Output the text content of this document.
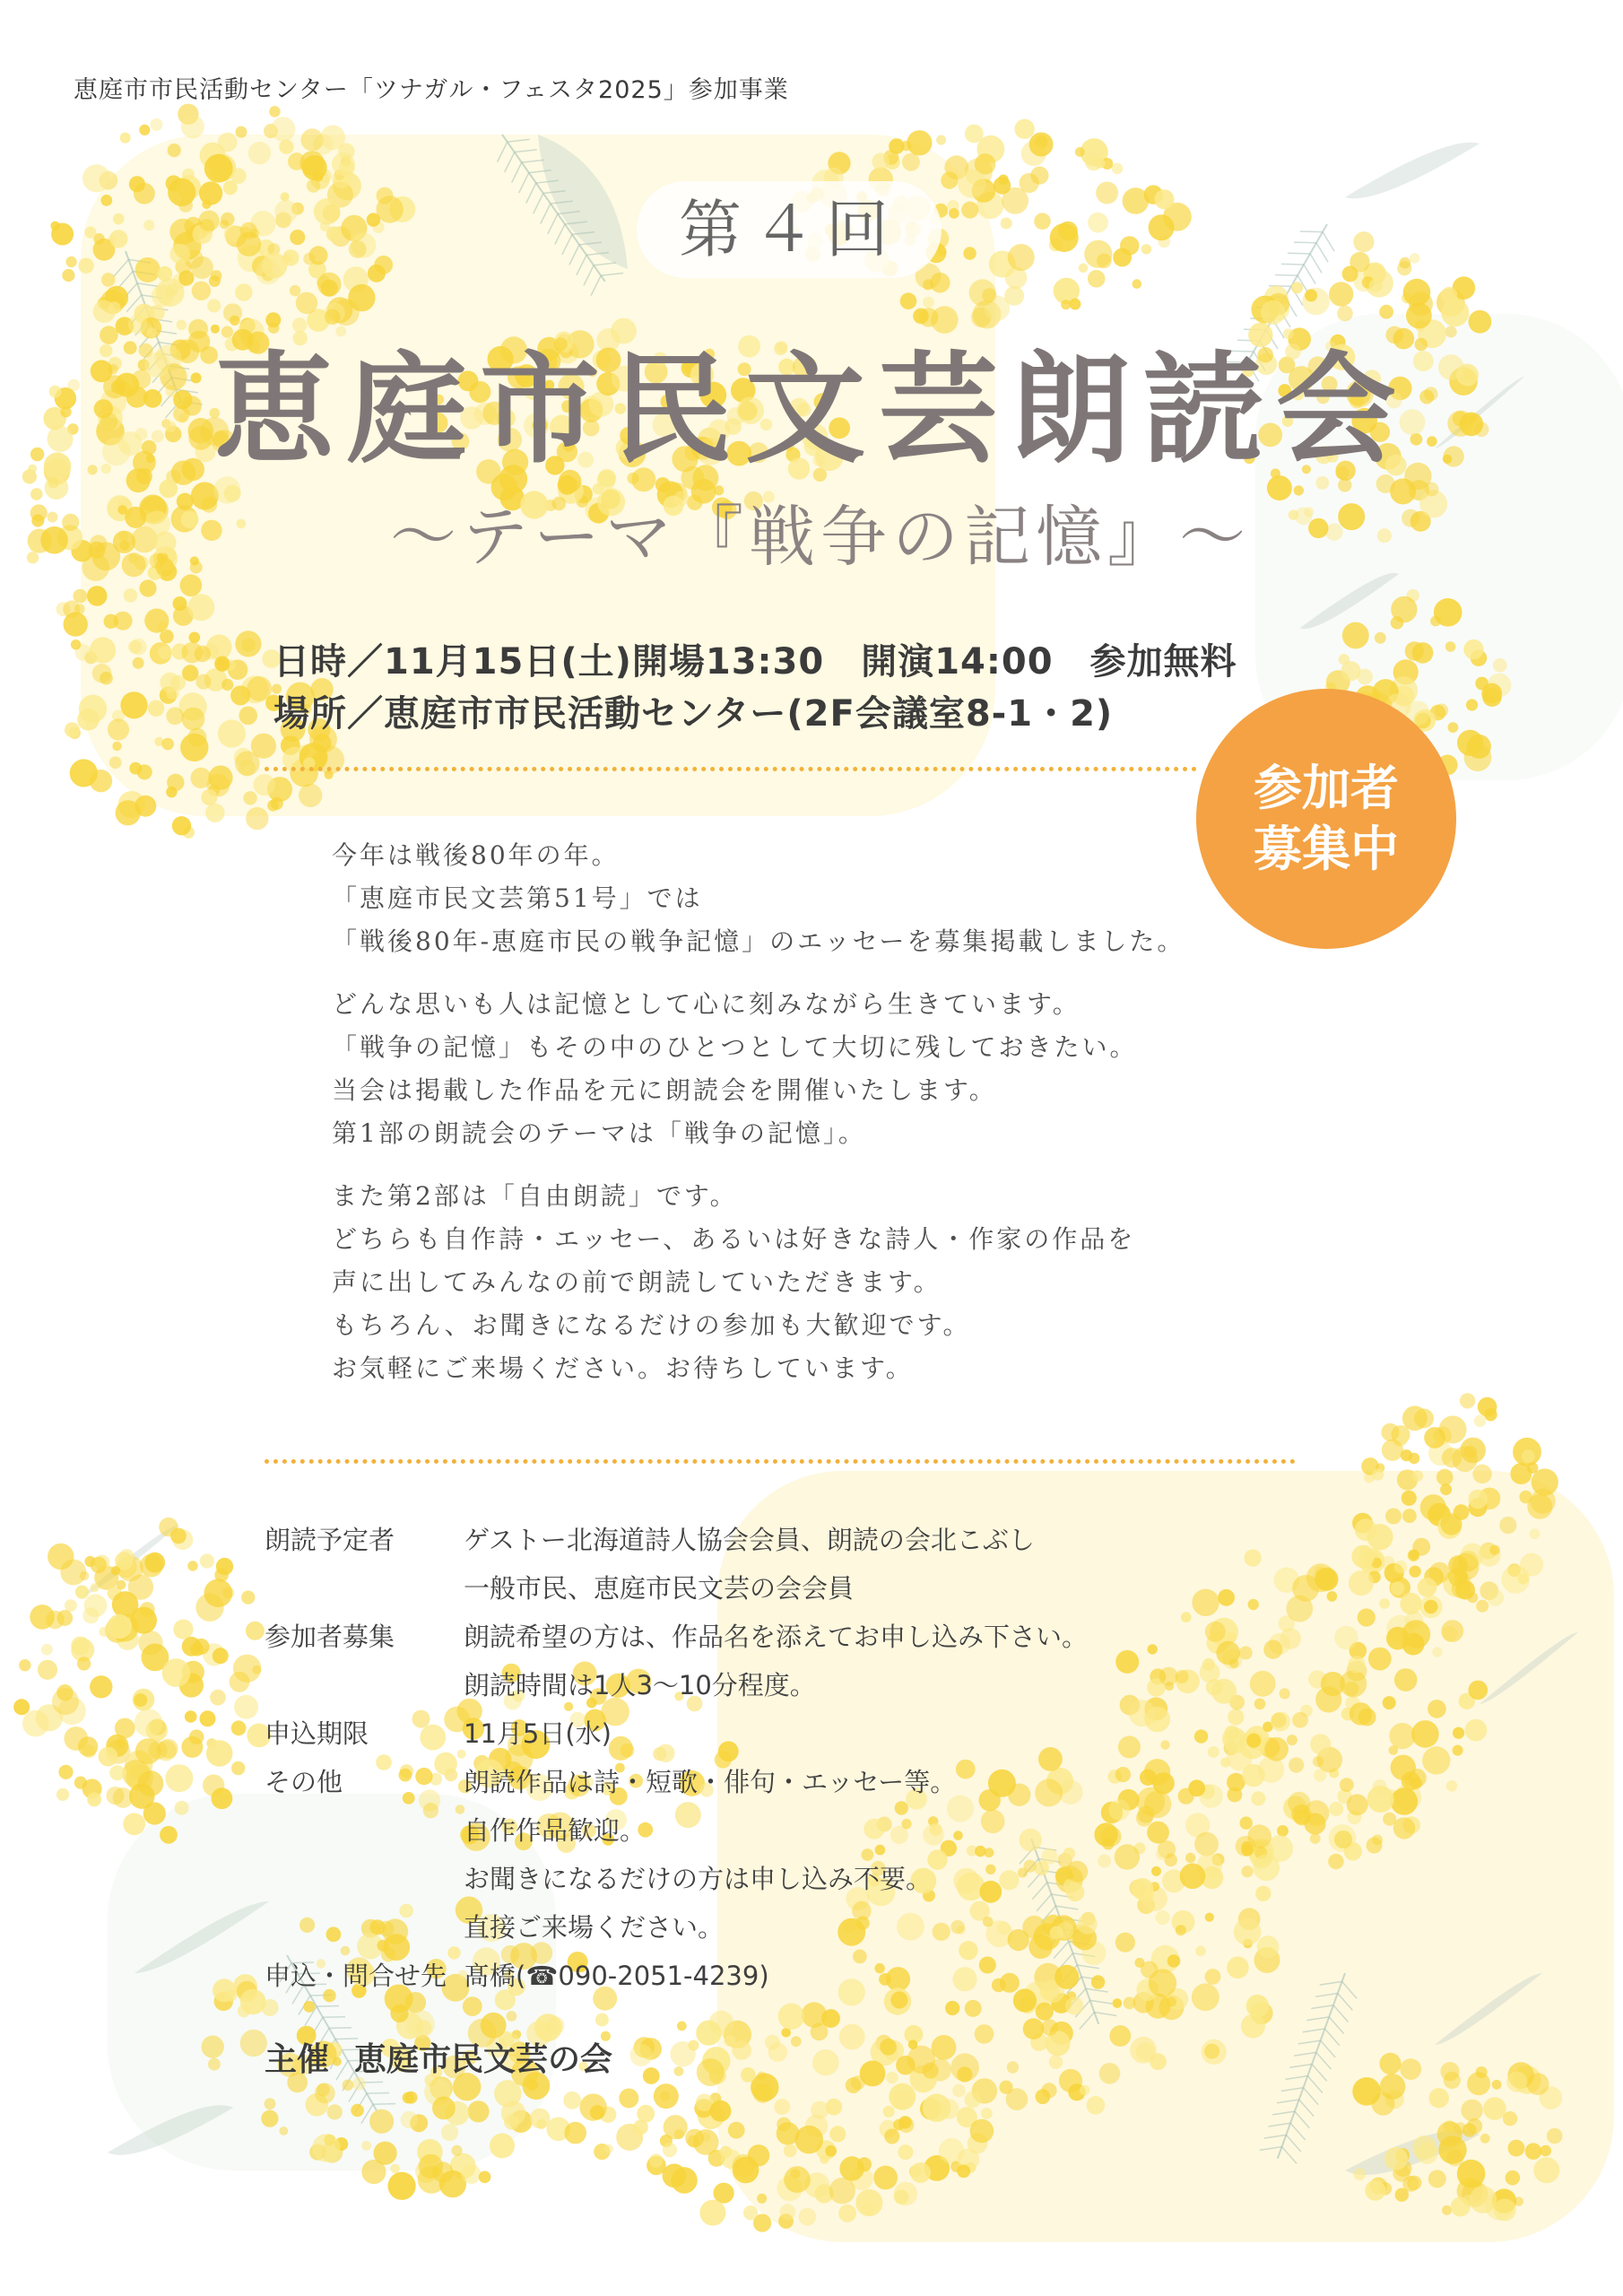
恵庭市市民活動センター「ツナガル・フェスタ2025」参加事業
第４回
恵庭市民文芸朗読会
～テーマ『戦争の記憶』～
日時／11月15日(土)開場13:30　開演14:00　参加無料
場所／恵庭市市民活動センター(2F会議室8-1・2)
参加者
募集中
今年は戦後80年の年。
「恵庭市民文芸第51号」では
「戦後80年-恵庭市民の戦争記憶」のエッセーを募集掲載しました。
どんな思いも人は記憶として心に刻みながら生きています。
「戦争の記憶」もその中のひとつとして大切に残しておきたい。
当会は掲載した作品を元に朗読会を開催いたします。
第1部の朗読会のテーマは「戦争の記憶」。
また第2部は「自由朗読」です。
どちらも自作詩・エッセー、あるいは好きな詩人・作家の作品を
声に出してみんなの前で朗読していただきます。
もちろん、お聞きになるだけの参加も大歓迎です。
お気軽にご来場ください。お待ちしています。
朗読予定者	ゲストー北海道詩人協会会員、朗読の会北こぶし
一般市民、恵庭市民文芸の会会員
参加者募集	朗読希望の方は、作品名を添えてお申し込み下さい。
朗読時間は1人3～10分程度。
申込期限	11月5日(水)
その他	朗読作品は詩・短歌・俳句・エッセー等。
自作作品歓迎。
お聞きになるだけの方は申し込み不要。
直接ご来場ください。
申込・問合せ先 髙橋(☎090-2051-4239)
主催 恵庭市民文芸の会
